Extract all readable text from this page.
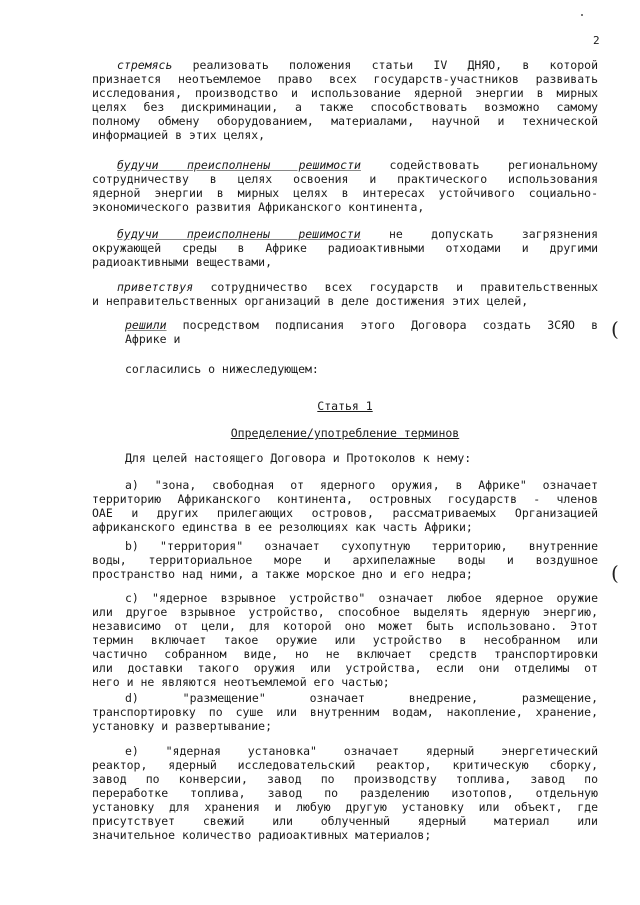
2
стремясь реализовать положения статьи IV ДНЯО, в которой
признается неотъемлемое право всех государств-участников развивать
исследования, производство и использование ядерной энергии в мирных
целях без дискриминации, а также способствовать возможно самому
полному обмену оборудованием, материалами, научной и технической
информацией в этих целях,
будучи преисполнены решимости содействовать региональному
сотрудничеству в целях освоения и практического использования
ядерной энергии в мирных целях в интересах устойчивого социально-
экономического развития Африканского континента,
будучи преисполнены решимости не допускать загрязнения
окружающей среды в Африке радиоактивными отходами и другими
радиоактивными веществами,
приветствуя сотрудничество всех государств и правительственных
и неправительственных организаций в деле достижения этих целей,
решили посредством подписания этого Договора создать ЗСЯО в
Африке и	(
согласились о нижеследующем:
Статья 1
Определение/употребление терминов
Для целей настоящего Договора и Протоколов к нему:
a) "зона, свободная от ядерного оружия, в Африке" означает
территорию Африканского континента, островных государств - членов
ОАЕ и других прилегающих островов, рассматриваемых Организацией
африканского единства в ее резолюциях как часть Африки;
b) "территория" означает сухопутную территорию, внутренние
воды, территориальное море и архипелажные воды и воздушное
пространство над ними, а также морское дно и его недра;	(
c) "ядерное взрывное устройство" означает любое ядерное оружие
или другое взрывное устройство, способное выделять ядерную энергию,
независимо от цели, для которой оно может быть использовано. Этот
термин включает такое оружие или устройство в несобранном или
частично собранном виде, но не включает средств транспортировки
или доставки такого оружия или устройства, если они отделимы от
него и не являются неотъемлемой его частью;
d) "размещение" означает внедрение, размещение,
транспортировку по суше или внутренним водам, накопление, хранение,
установку и развертывание;
e) "ядерная установка" означает ядерный энергетический
реактор, ядерный исследовательский реактор, критическую сборку,
завод по конверсии, завод по производству топлива, завод по
переработке топлива, завод по разделению изотопов, отдельную
установку для хранения и любую другую установку или объект, где
присутствует свежий или облученный ядерный материал или
значительное количество радиоактивных материалов;
